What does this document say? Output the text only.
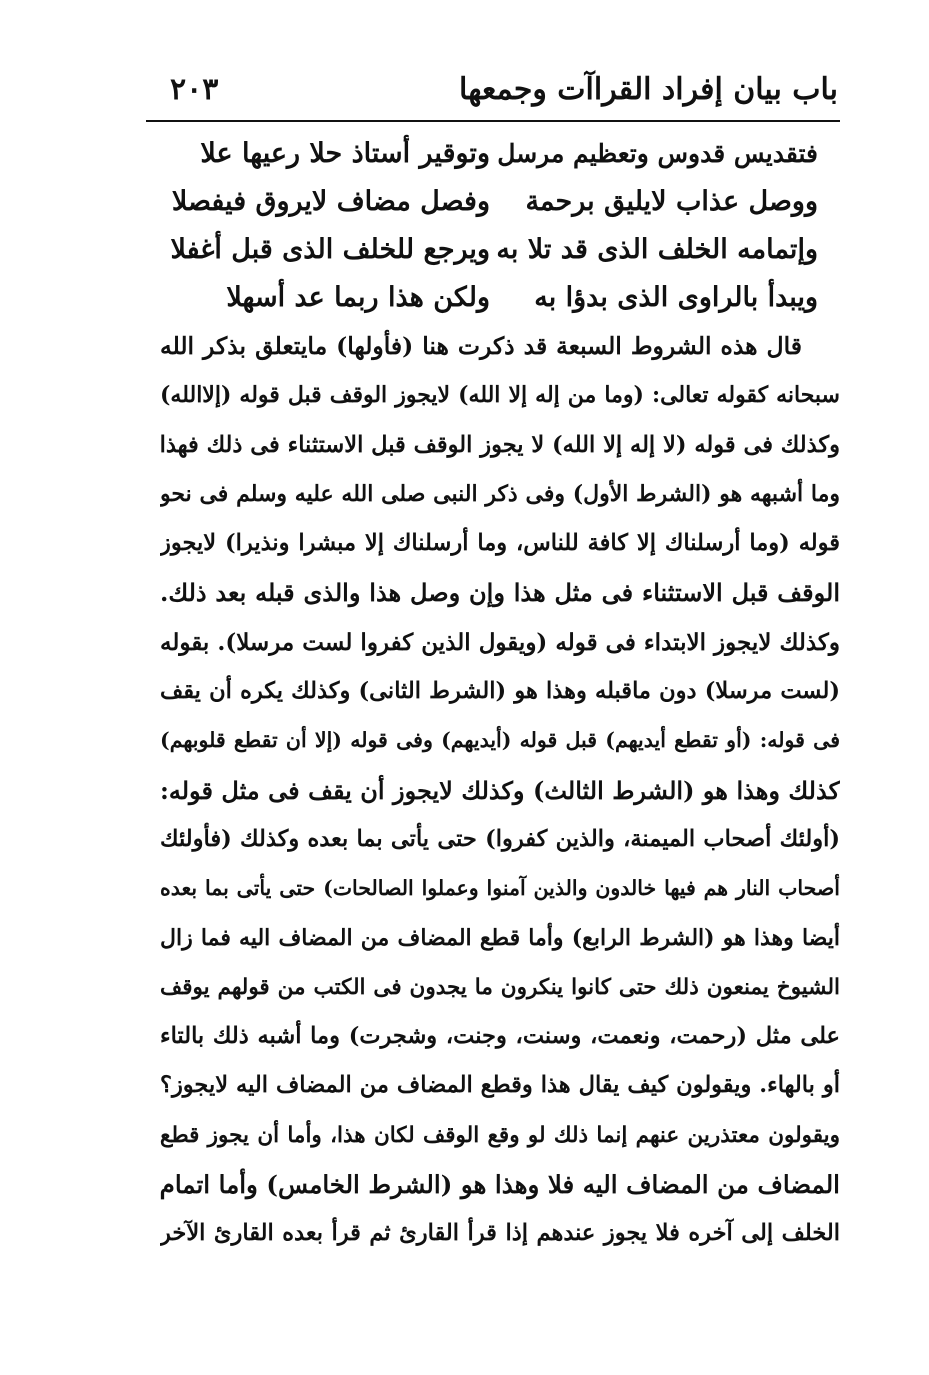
باب بيان إفراد القراآت وجمعها
٢٠٣
فتقديس قدوس وتعظيم مرسل
وتوقير أستاذ حلا رعيها علا
ووصل عذاب لايليق برحمة
وفصل مضاف لايروق فيفصلا
وإتمامه الخلف الذى قد تلا به
ويرجع للخلف الذى قبل أغفلا
ويبدأ بالراوى الذى بدؤا به
ولكن هذا ربما عد أسهلا
قال هذه الشروط السبعة قد ذكرت هنا (فأولها) مايتعلق بذكر الله
سبحانه كقوله تعالى: (وما من إله إلا الله) لايجوز الوقف قبل قوله (إلاالله)
وكذلك فى قوله (لا إله إلا الله) لا يجوز الوقف قبل الاستثناء فى ذلك فهذا
وما أشبهه هو (الشرط الأول) وفى ذكر النبى صلى الله عليه وسلم فى نحو
قوله (وما أرسلناك إلا كافة للناس، وما أرسلناك إلا مبشرا ونذيرا) لايجوز
الوقف قبل الاستثناء فى مثل هذا وإن وصل هذا والذى قبله بعد ذلك.
وكذلك لايجوز الابتداء فى قوله (ويقول الذين كفروا لست مرسلا). بقوله
(لست مرسلا) دون ماقبله وهذا هو (الشرط الثانى) وكذلك يكره أن يقف
فى قوله: (أو تقطع أيديهم) قبل قوله (أيديهم) وفى قوله (إلا أن تقطع قلوبهم)
كذلك وهذا هو (الشرط الثالث) وكذلك لايجوز أن يقف فى مثل قوله:
(أولئك أصحاب الميمنة، والذين كفروا) حتى يأتى بما بعده وكذلك (فأولئك
أصحاب النار هم فيها خالدون والذين آمنوا وعملوا الصالحات) حتى يأتى بما بعده
أيضا وهذا هو (الشرط الرابع) وأما قطع المضاف من المضاف اليه فما زال
الشيوخ يمنعون ذلك حتى كانوا ينكرون ما يجدون فى الكتب من قولهم يوقف
على مثل (رحمت، ونعمت، وسنت، وجنت، وشجرت) وما أشبه ذلك بالتاء
أو بالهاء. ويقولون كيف يقال هذا وقطع المضاف من المضاف اليه لايجوز؟
ويقولون معتذرين عنهم إنما ذلك لو وقع الوقف لكان هذا، وأما أن يجوز قطع
المضاف من المضاف اليه فلا وهذا هو (الشرط الخامس) وأما اتمام
الخلف إلى آخره فلا يجوز عندهم إذا قرأ القارئ ثم قرأ بعده القارئ الآخر
